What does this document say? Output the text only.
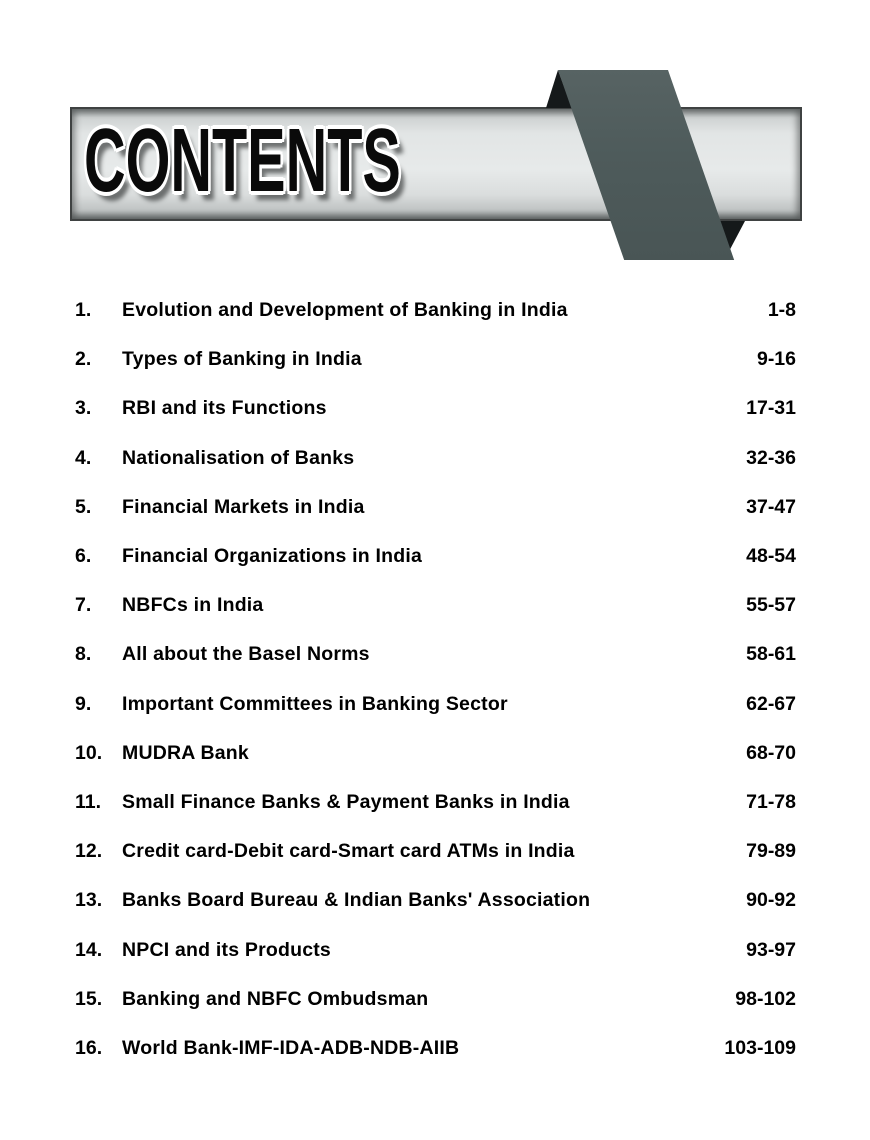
CONTENTS
1.	Evolution and Development of Banking in India	1-8
2.	Types of Banking in India	9-16
3.	RBI and its Functions	17-31
4.	Nationalisation of Banks	32-36
5.	Financial Markets in India	37-47
6.	Financial Organizations in India	48-54
7.	NBFCs in India	55-57
8.	All about the Basel Norms	58-61
9.	Important Committees in Banking Sector	62-67
10.	MUDRA Bank	68-70
11.	Small Finance Banks & Payment Banks in India	71-78
12.	Credit card-Debit card-Smart card ATMs in India	79-89
13.	Banks Board Bureau & Indian Banks' Association	90-92
14.	NPCI and its Products	93-97
15.	Banking and NBFC Ombudsman	98-102
16.	World Bank-IMF-IDA-ADB-NDB-AIIB	103-109
